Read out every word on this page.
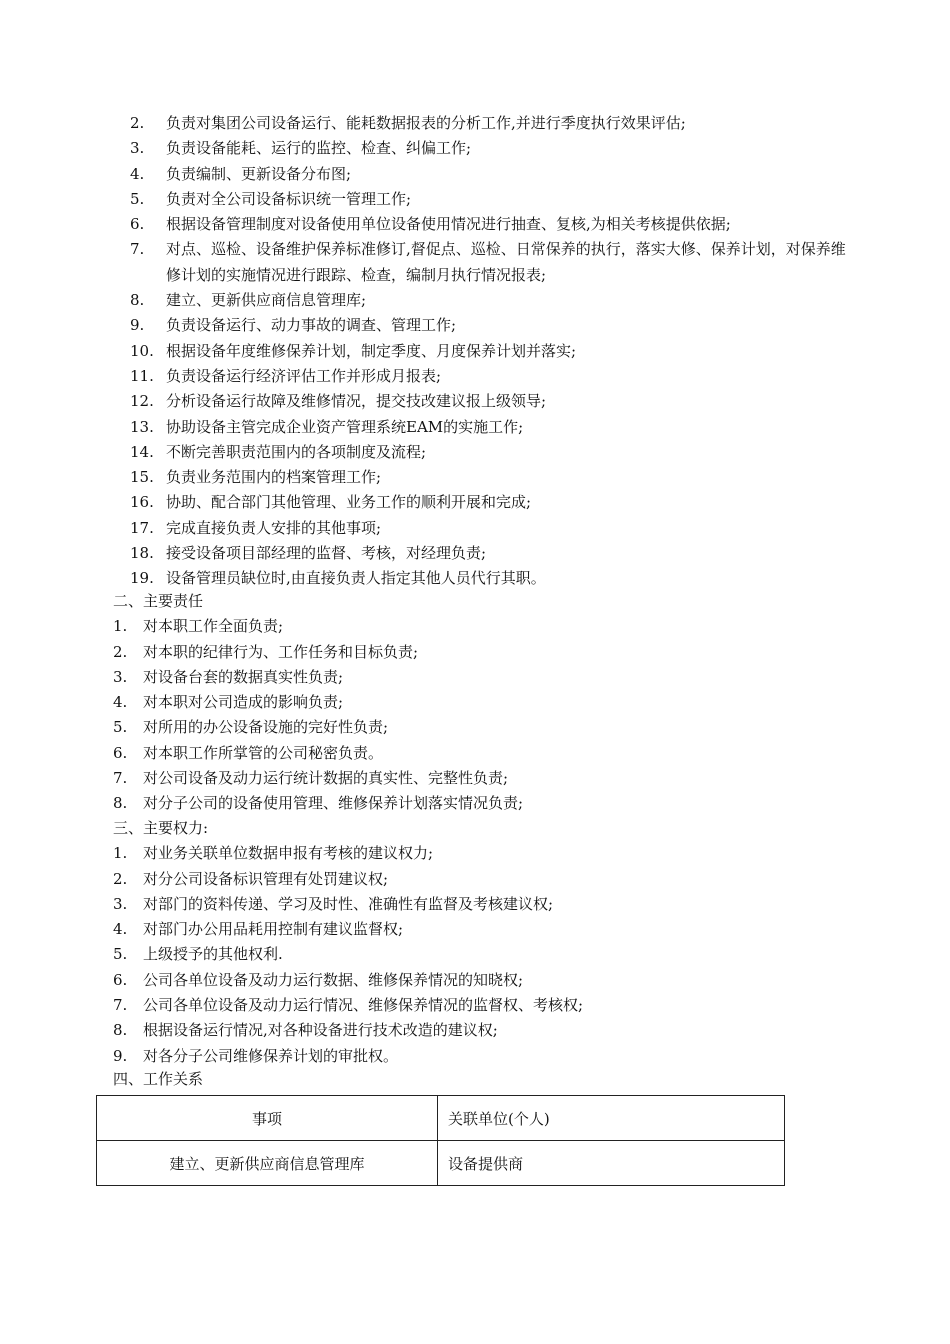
2.	负责对集团公司设备运行、能耗数据报表的分析工作,并进行季度执行效果评估;
3.	负责设备能耗、运行的监控、检查、纠偏工作;
4.	负责编制、更新设备分布图;
5.	负责对全公司设备标识统一管理工作;
6.	根据设备管理制度对设备使用单位设备使用情况进行抽查、复核,为相关考核提供依据;
7.	对点、巡检、设备维护保养标准修订,督促点、巡检、日常保养的执行，落实大修、保养计划，对保养维修计划的实施情况进行跟踪、检查，编制月执行情况报表;
8.	建立、更新供应商信息管理库;
9.	负责设备运行、动力事故的调查、管理工作;
10. 根据设备年度维修保养计划，制定季度、月度保养计划并落实;
11. 负责设备运行经济评估工作并形成月报表;
12. 分析设备运行故障及维修情况，提交技改建议报上级领导;
13. 协助设备主管完成企业资产管理系统EAM的实施工作;
14. 不断完善职责范围内的各项制度及流程;
15. 负责业务范围内的档案管理工作;
16. 协助、配合部门其他管理、业务工作的顺利开展和完成;
17. 完成直接负责人安排的其他事项;
18. 接受设备项目部经理的监督、考核，对经理负责;
19. 设备管理员缺位时,由直接负责人指定其他人员代行其职。
二、主要责任
1.	对本职工作全面负责;
2.	对本职的纪律行为、工作任务和目标负责;
3.	对设备台套的数据真实性负责;
4.	对本职对公司造成的影响负责;
5.	对所用的办公设备设施的完好性负责;
6.	对本职工作所掌管的公司秘密负责。
7.	对公司设备及动力运行统计数据的真实性、完整性负责;
8.	对分子公司的设备使用管理、维修保养计划落实情况负责;
三、主要权力:
1.	对业务关联单位数据申报有考核的建议权力;
2.	对分公司设备标识管理有处罚建议权;
3.	对部门的资料传递、学习及时性、准确性有监督及考核建议权;
4.	对部门办公用品耗用控制有建议监督权;
5.	上级授予的其他权利.
6.	公司各单位设备及动力运行数据、维修保养情况的知晓权;
7.	公司各单位设备及动力运行情况、维修保养情况的监督权、考核权;
8.	根据设备运行情况,对各种设备进行技术改造的建议权;
9.	对各分子公司维修保养计划的审批权。
四、工作关系
事项	关联单位(个人)
建立、更新供应商信息管理库	设备提供商
